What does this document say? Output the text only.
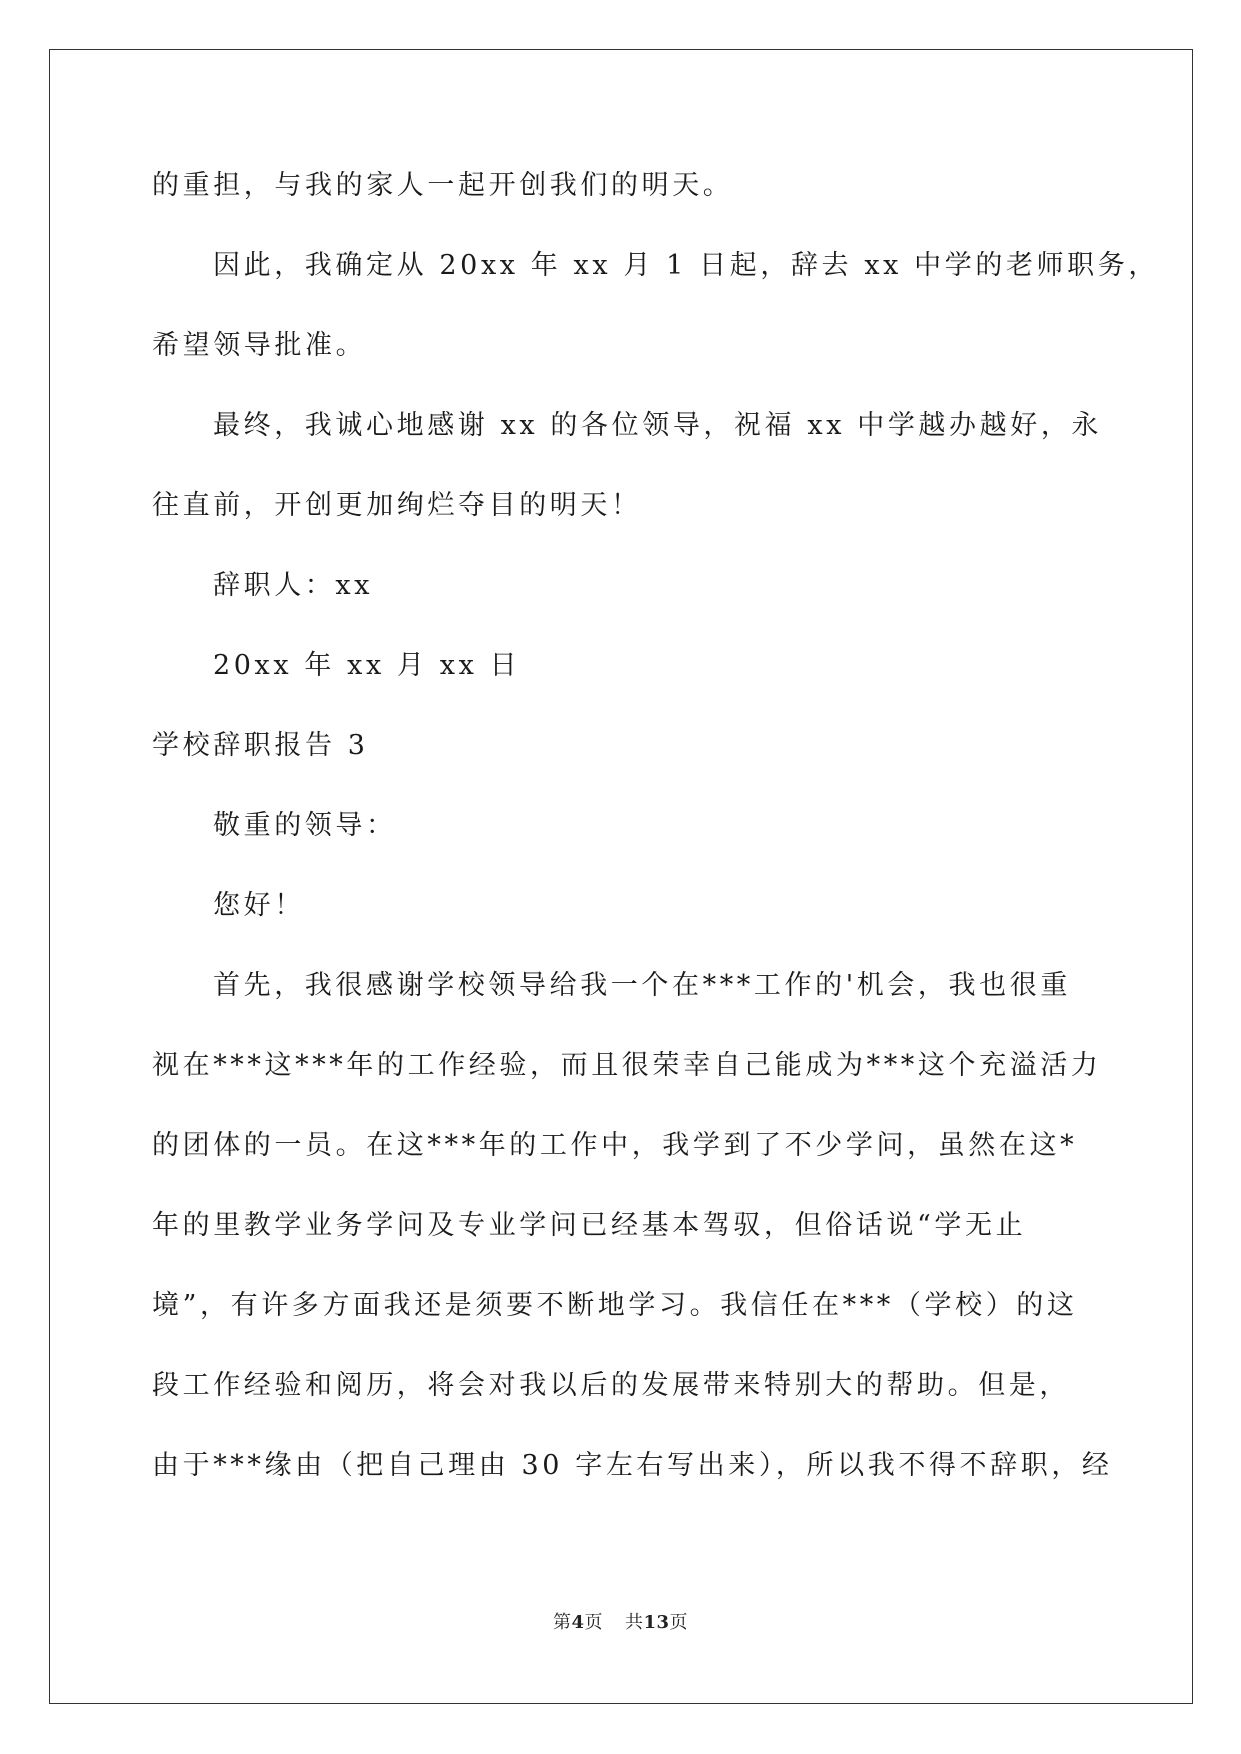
的重担，与我的家人一起开创我们的明天。
因此，我确定从 20xx 年 xx 月 1 日起，辞去 xx 中学的老师职务，
希望领导批准。
最终，我诚心地感谢 xx 的各位领导，祝福 xx 中学越办越好，永
往直前，开创更加绚烂夺目的明天！
辞职人：xx
20xx 年 xx 月 xx 日
学校辞职报告 3
敬重的领导：
您好！
首先，我很感谢学校领导给我一个在***工作的'机会，我也很重
视在***这***年的工作经验，而且很荣幸自己能成为***这个充溢活力
的团体的一员。在这***年的工作中，我学到了不少学问，虽然在这*
年的里教学业务学问及专业学问已经基本驾驭，但俗话说“学无止
境”，有许多方面我还是须要不断地学习。我信任在***（学校）的这
段工作经验和阅历，将会对我以后的发展带来特别大的帮助。但是，
由于***缘由（把自己理由 30 字左右写出来），所以我不得不辞职，经
第4页 共13页
